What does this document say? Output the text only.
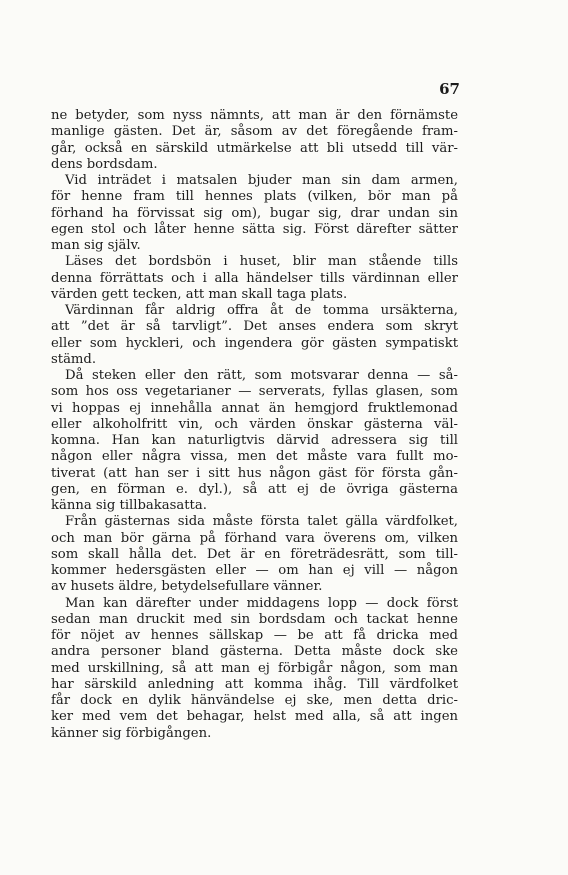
67
ne betyder, som nyss nämnts, att man är den förnämste
manlige gästen. Det är, såsom av det föregående fram-
går, också en särskild utmärkelse att bli utsedd till vär-
dens bordsdam.
Vid inträdet i matsalen bjuder man sin dam armen,
för henne fram till hennes plats (vilken, bör man på
förhand ha förvissat sig om), bugar sig, drar undan sin
egen stol och låter henne sätta sig. Först därefter sätter
man sig själv.
Läses det bordsbön i huset, blir man stående tills
denna förrättats och i alla händelser tills värdinnan eller
värden gett tecken, att man skall taga plats.
Värdinnan får aldrig offra åt de tomma ursäkterna,
att ”det är så tarvligt”. Det anses endera som skryt
eller som hyckleri, och ingendera gör gästen sympatiskt
stämd.
Då steken eller den rätt, som motsvarar denna — så-
som hos oss vegetarianer — serverats, fyllas glasen, som
vi hoppas ej innehålla annat än hemgjord fruktlemonad
eller alkoholfritt vin, och värden önskar gästerna väl-
komna. Han kan naturligtvis därvid adressera sig till
någon eller några vissa, men det måste vara fullt mo-
tiverat (att han ser i sitt hus någon gäst för första gån-
gen, en förman e. dyl.), så att ej de övriga gästerna
känna sig tillbakasatta.
Från gästernas sida måste första talet gälla värdfolket,
och man bör gärna på förhand vara överens om, vilken
som skall hålla det. Det är en företrädesrätt, som till-
kommer hedersgästen eller — om han ej vill — någon
av husets äldre, betydelsefullare vänner.
Man kan därefter under middagens lopp — dock först
sedan man druckit med sin bordsdam och tackat henne
för nöjet av hennes sällskap — be att få dricka med
andra personer bland gästerna. Detta måste dock ske
med urskillning, så att man ej förbigår någon, som man
har särskild anledning att komma ihåg. Till värdfolket
får dock en dylik hänvändelse ej ske, men detta dric-
ker med vem det behagar, helst med alla, så att ingen
känner sig förbigången.
